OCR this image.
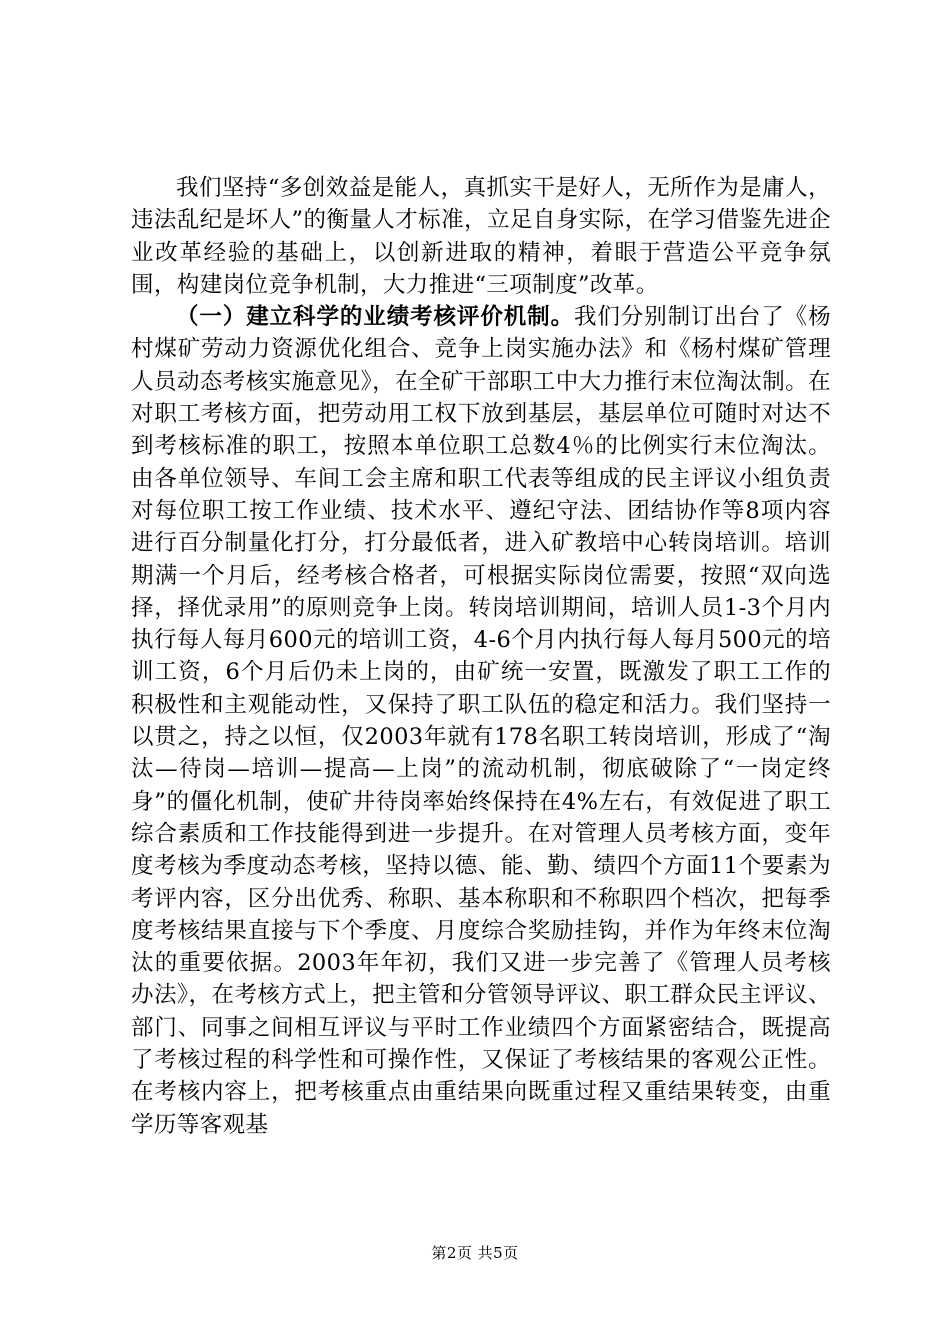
我们坚持“多创效益是能人，真抓实干是好人，无所作为是庸人，违法乱纪是坏人”的衡量人才标准，立足自身实际，在学习借鉴先进企业改革经验的基础上，以创新进取的精神，着眼于营造公平竞争氛围，构建岗位竞争机制，大力推进“三项制度”改革。

（一）建立科学的业绩考核评价机制。我们分别制订出台了《杨村煤矿劳动力资源优化组合、竞争上岗实施办法》和《杨村煤矿管理人员动态考核实施意见》，在全矿干部职工中大力推行末位淘汰制。在对职工考核方面，把劳动用工权下放到基层，基层单位可随时对达不到考核标准的职工，按照本单位职工总数4％的比例实行末位淘汰。由各单位领导、车间工会主席和职工代表等组成的民主评议小组负责对每位职工按工作业绩、技术水平、遵纪守法、团结协作等8项内容进行百分制量化打分，打分最低者，进入矿教培中心转岗培训。培训期满一个月后，经考核合格者，可根据实际岗位需要，按照“双向选择，择优录用”的原则竞争上岗。转岗培训期间，培训人员1-3个月内执行每人每月600元的培训工资，4-6个月内执行每人每月500元的培训工资，6个月后仍未上岗的，由矿统一安置，既激发了职工工作的积极性和主观能动性，又保持了职工队伍的稳定和活力。我们坚持一以贯之，持之以恒，仅2003年就有178名职工转岗培训，形成了“淘汰—待岗—培训—提高—上岗”的流动机制，彻底破除了“一岗定终身”的僵化机制，使矿井待岗率始终保持在4%左右，有效促进了职工综合素质和工作技能得到进一步提升。在对管理人员考核方面，变年度考核为季度动态考核，坚持以德、能、勤、绩四个方面11个要素为考评内容，区分出优秀、称职、基本称职和不称职四个档次，把每季度考核结果直接与下个季度、月度综合奖励挂钩，并作为年终末位淘汰的重要依据。2003年年初，我们又进一步完善了《管理人员考核办法》，在考核方式上，把主管和分管领导评议、职工群众民主评议、部门、同事之间相互评议与平时工作业绩四个方面紧密结合，既提高了考核过程的科学性和可操作性，又保证了考核结果的客观公正性。在考核内容上，把考核重点由重结果向既重过程又重结果转变，由重学历等客观基

第2页 共5页
